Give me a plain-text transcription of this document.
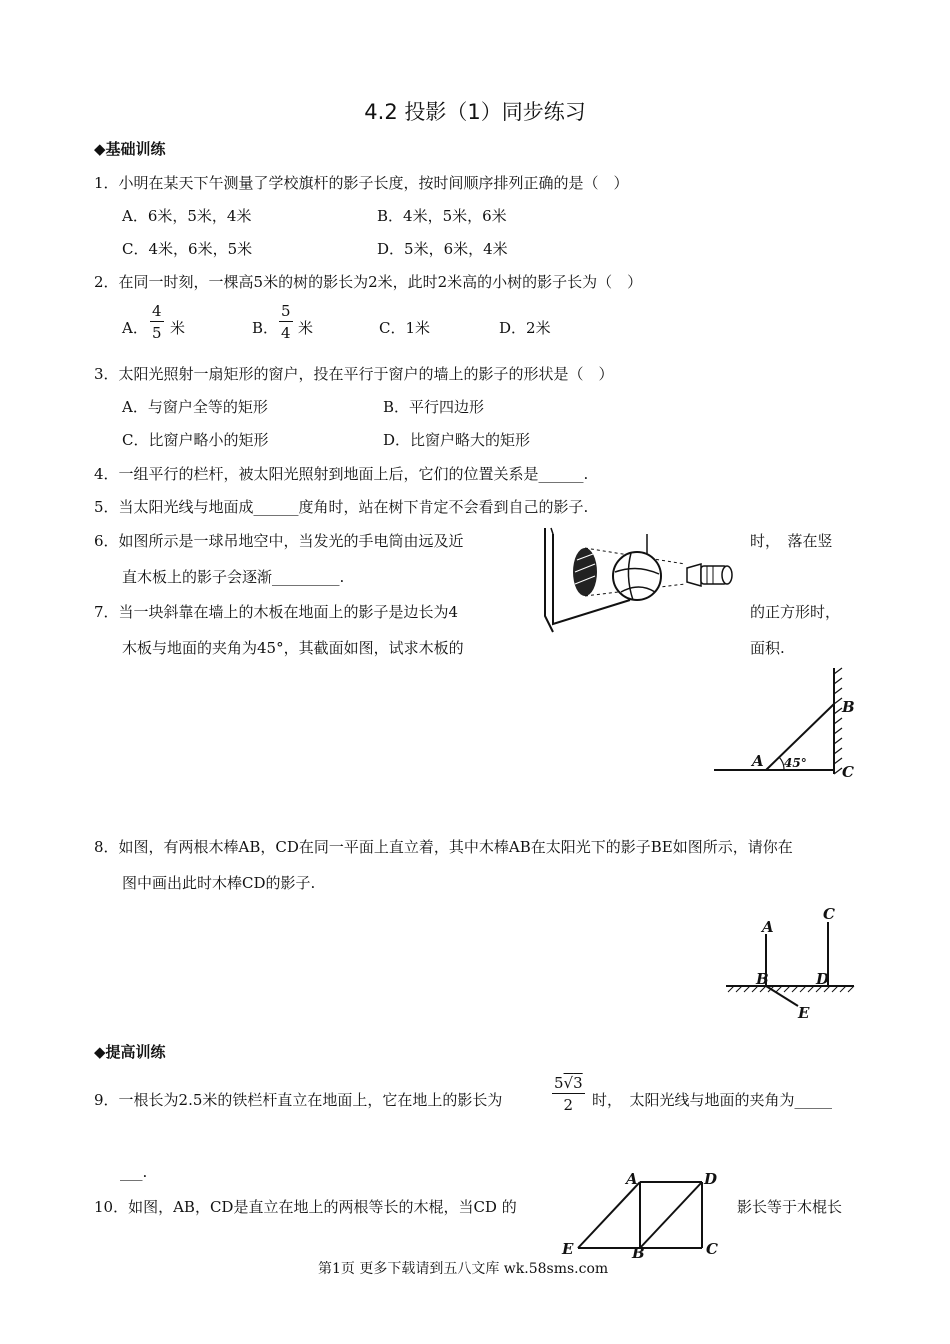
4.2 投影（1）同步练习
◆基础训练
1．小明在某天下午测量了学校旗杆的影子长度，按时间顺序排列正确的是（　）
A．6米，5米，4米	B．4米，5米，6米
C．4米，6米，5米	D．5米，6米，4米
2．在同一时刻，一棵高5米的树的影长为2米，此时2米高的小树的影子长为（　）
A． $\frac{4}{5}$ 米	B． $\frac{5}{4}$ 米	C．1米	D．2米
3．太阳光照射一扇矩形的窗户，投在平行于窗户的墙上的影子的形状是（　）
A．与窗户全等的矩形	B．平行四边形
C．比窗户略小的矩形	D．比窗户略大的矩形
4．一组平行的栏杆，被太阳光照射到地面上后，它们的位置关系是______.
5．当太阳光线与地面成______度角时，站在树下肯定不会看到自己的影子.
6．如图所示是一球吊地空中，当发光的手电筒由远及近	时，　落在竖
直木板上的影子会逐渐_________.
7．当一块斜靠在墙上的木板在地面上的影子是边长为4	的正方形时，
木板与地面的夹角为45°，其截面如图，试求木板的	面积.
A
B
C
45°
8．如图，有两根木棒AB，CD在同一平面上直立着，其中木棒AB在太阳光下的影子BE如图所示，请你在
图中画出此时木棒CD的影子.
A
B
C
D
E
◆提高训练
9．一根长为2.5米的铁栏杆直立在地面上，它在地上的影长为	$\frac{5√3}{2}$ 时，　太阳光线与地面的夹角为_____
___.
10．如图，AB，CD是直立在地上的两根等长的木棍，当CD 的	影长等于木棍长
A	D
E	B	C
第1页 更多下载请到五八文库 wk.58sms.com
